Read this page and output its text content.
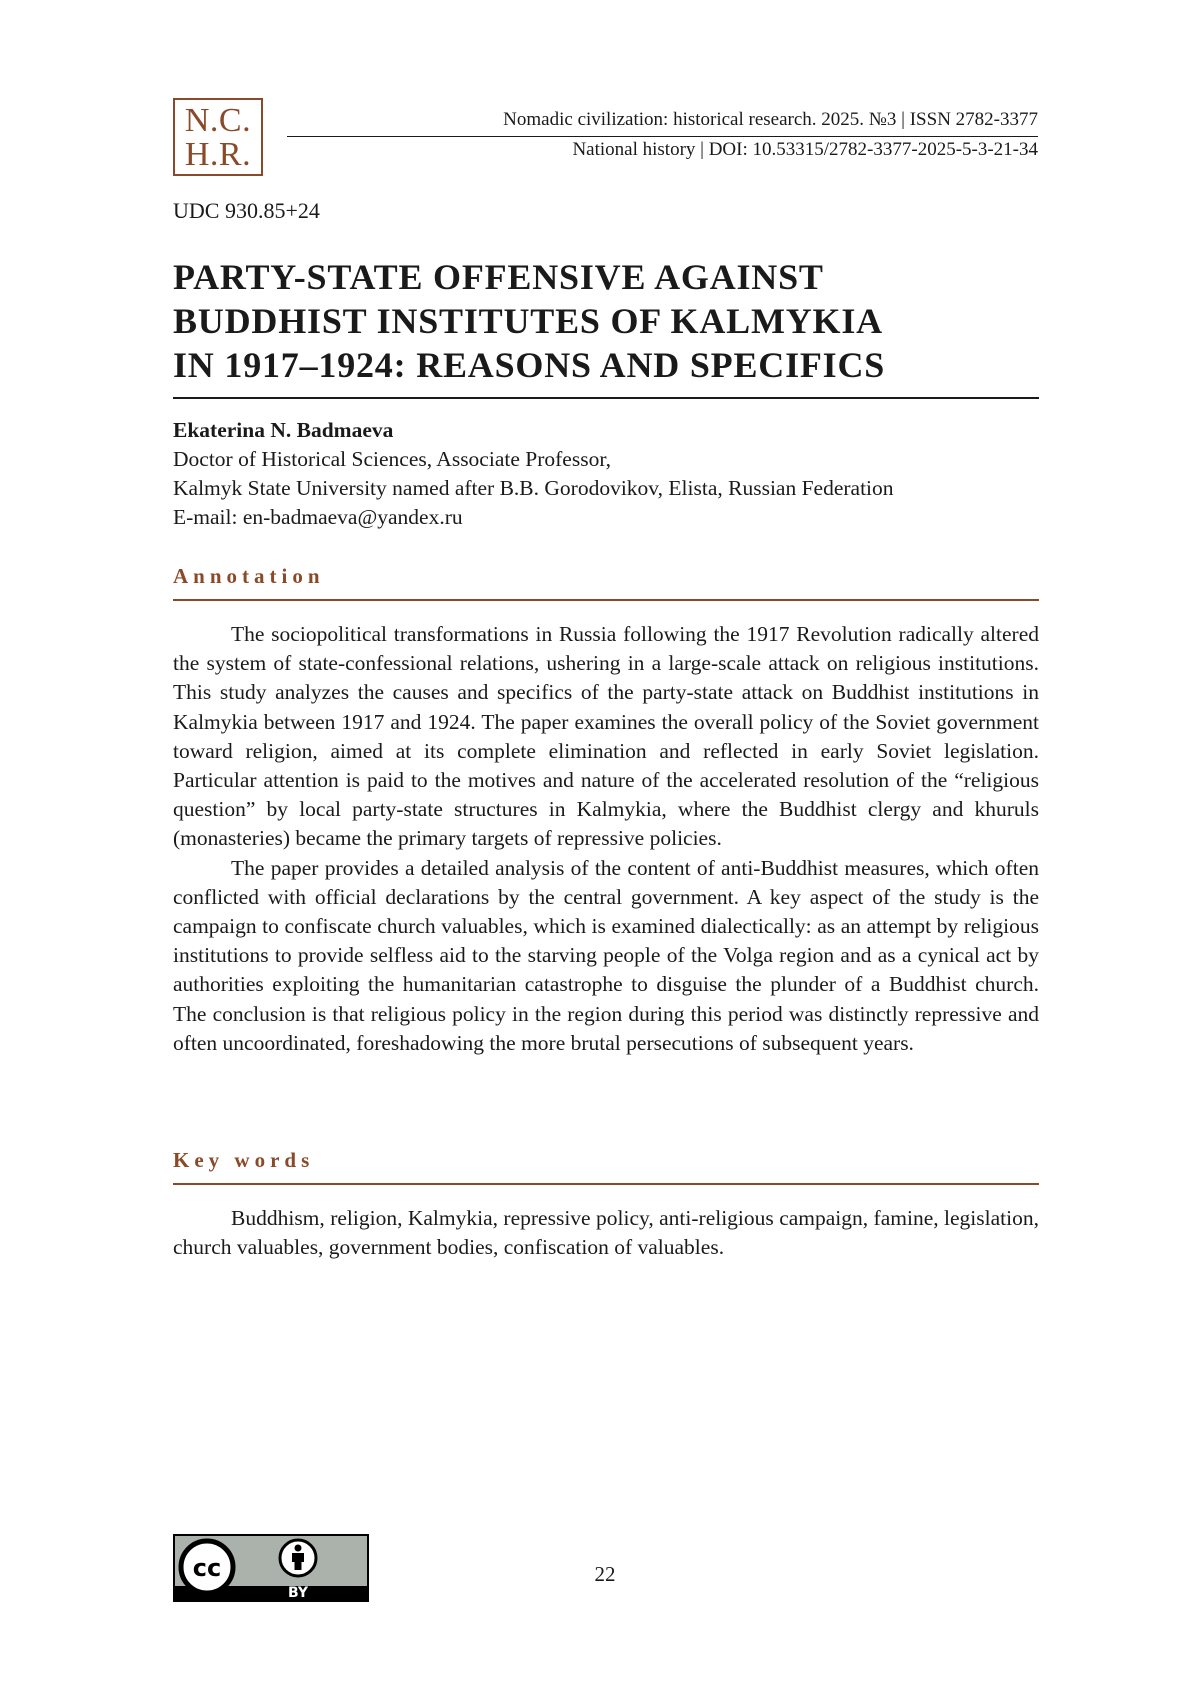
N.C.
H.R.
Nomadic civilization: historical research. 2025. №3 | ISSN 2782-3377
National history | DOI: 10.53315/2782-3377-2025-5-3-21-34
UDC 930.85+24
PARTY-STATE OFFENSIVE AGAINST
BUDDHIST INSTITUTES OF KALMYKIA
IN 1917–1924: REASONS AND SPECIFICS
Ekaterina N. Badmaeva
Doctor of Historical Sciences, Associate Professor,
Kalmyk State University named after B.B. Gorodovikov, Elista, Russian Federation
E-mail: en-badmaeva@yandex.ru
Annotation

The sociopolitical transformations in Russia following the 1917 Revolution radically altered the system of state-confessional relations, ushering in a large-scale attack on religious institutions. This study analyzes the causes and specifics of the party-state attack on Buddhist institutions in Kalmykia between 1917 and 1924. The paper examines the overall policy of the Soviet government toward religion, aimed at its complete elimination and reflected in early Soviet legislation. Particular attention is paid to the motives and nature of the accelerated resolution of the “religious question” by local party-state structures in Kalmykia, where the Buddhist clergy and khuruls (monasteries) became the primary targets of repressive policies.

The paper provides a detailed analysis of the content of anti-Buddhist measures, which often conflicted with official declarations by the central government. A key aspect of the study is the campaign to confiscate church valuables, which is examined dialectically: as an attempt by religious institutions to provide selfless aid to the starving people of the Volga region and as a cynical act by authorities exploiting the humanitarian catastrophe to disguise the plunder of a Buddhist church. The conclusion is that religious policy in the region during this period was distinctly repressive and often uncoordinated, foreshadowing the more brutal persecutions of subsequent years.

Key words

Buddhism, religion, Kalmykia, repressive policy, anti-religious campaign, famine, legislation, church valuables, government bodies, confiscation of valuables.

cc
BY
22
